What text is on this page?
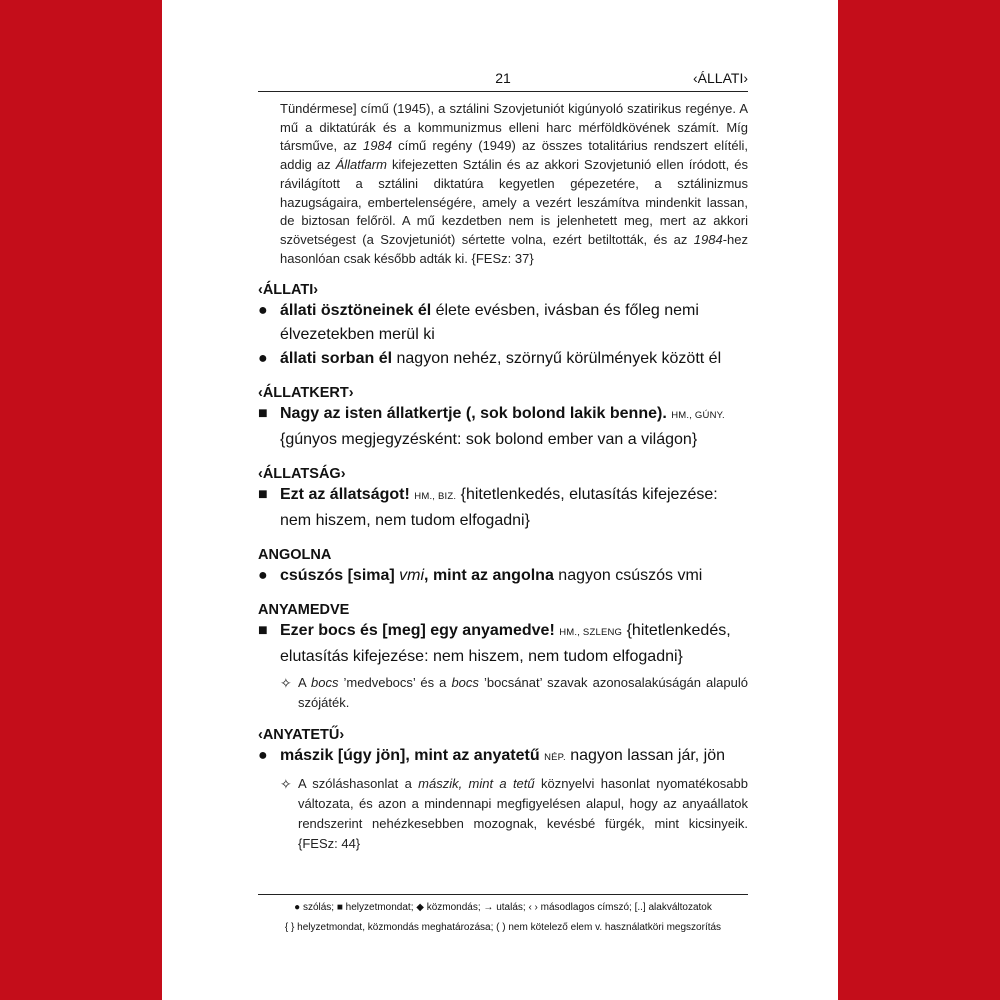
21	‹ÁLLATI›

Tündérmese] című (1945), a sztálini Szovjetuniót kigúnyoló szatirikus regénye. A mű a diktatúrák és a kommunizmus elleni harc mérföldkövének számít. Míg társműve, az 1984 című regény (1949) az összes totalitárius rendszert elítéli, addig az Állatfarm kifejezetten Sztálin és az akkori Szovjetunió ellen íródott, és rávilágított a sztálini diktatúra kegyetlen gépezetére, a sztálinizmus hazugságaira, embertelenségére, amely a vezért leszámítva mindenkit lassan, de biztosan felőröl. A mű kezdetben nem is jelenhetett meg, mert az akkori szövetségest (a Szovjetuniót) sértette volna, ezért betiltották, és az 1984-hez hasonlóan csak később adták ki. {FESz: 37}

‹ÁLLATI›
● állati ösztöneinek él élete evésben, ivásban és főleg nemi élvezetekben merül ki
● állati sorban él nagyon nehéz, szörnyű körülmények között él
‹ÁLLATKERT›
■ Nagy az isten állatkertje (, sok bolond lakik benne). HM., GÚNY. {gúnyos megjegyzésként: sok bolond ember van a világon}
‹ÁLLATSÁG›
■ Ezt az állatságot! HM., BIZ. {hitetlenkedés, elutasítás kifejezése: nem hiszem, nem tudom elfogadni}
ANGOLNA
● csúszós [sima] vmi, mint az angolna nagyon csúszós vmi
ANYAMEDVE
■ Ezer bocs és [meg] egy anyamedve! HM., SZLENG {hitetlenkedés, elutasítás kifejezése: nem hiszem, nem tudom elfogadni}
✧ A bocs ’medvebocs’ és a bocs ’bocsánat’ szavak azonosalakúságán alapuló szójáték.
‹ANYATETŰ›
● mászik [úgy jön], mint az anyatetű NÉP. nagyon lassan jár, jön
✧ A szóláshasonlat a mászik, mint a tetű köznyelvi hasonlat nyomatékosabb változata, és azon a mindennapi megfigyelésen alapul, hogy az anyaállatok rendszerint nehézkesebben mozognak, kevésbé fürgék, mint kicsinyeik. {FESz: 44}
● szólás; ■ helyzetmondat; ◆ közmondás; → utalás; ‹ › másodlagos címszó; [..] alakváltozatok
{ } helyzetmondat, közmondás meghatározása; ( ) nem kötelező elem v. használatköri megszorítás
